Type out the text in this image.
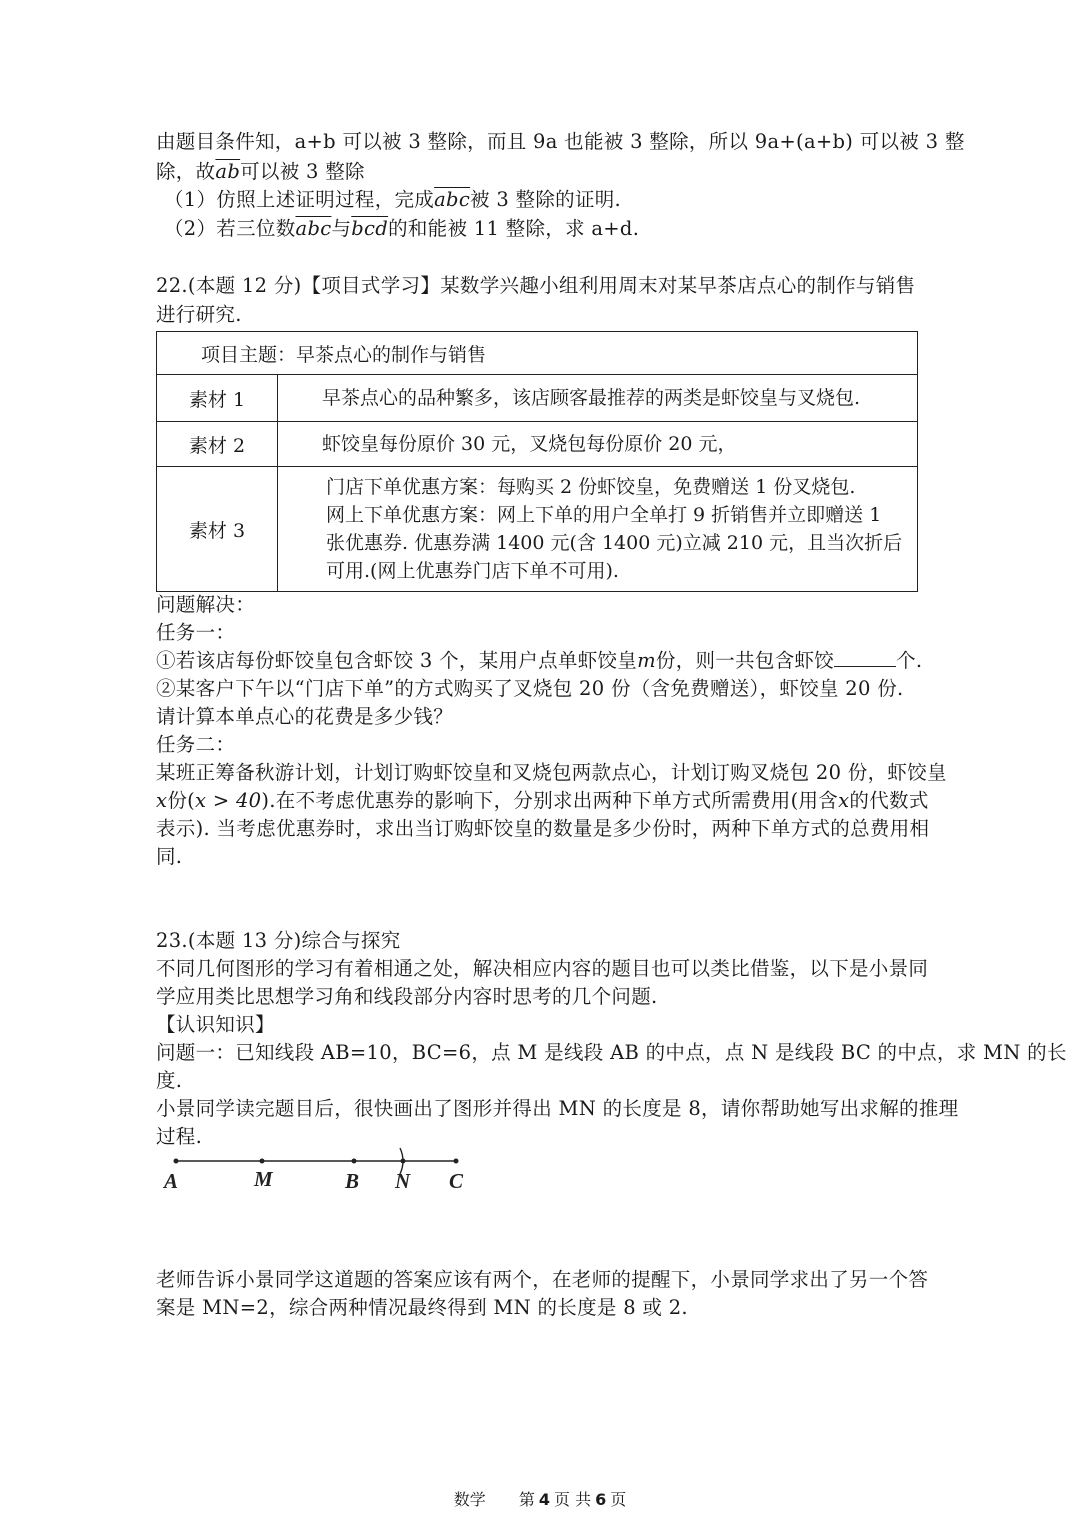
由题目条件知，a+b 可以被 3 整除，而且 9a 也能被 3 整除，所以 9a+(a+b) 可以被 3 整
除，故$\overline{ab}$可以被 3 整除
（1）仿照上述证明过程，完成$\overline{abc}$被 3 整除的证明.
（2）若三位数$\overline{abc}$与$\overline{bcd}$的和能被 11 整除，求 a+d.
22.(本题 12 分)【项目式学习】某数学兴趣小组利用周末对某早茶店点心的制作与销售
进行研究.
项目主题：早茶点心的制作与销售	
素材 1	早茶点心的品种繁多，该店顾客最推荐的两类是虾饺皇与叉烧包.
素材 2	虾饺皇每份原价 30 元，叉烧包每份原价 20 元，
素材 3	门店下单优惠方案：每购买 2 份虾饺皇，免费赠送 1 份叉烧包.
网上下单优惠方案：网上下单的用户全单打 9 折销售并立即赠送 1
张优惠券. 优惠券满 1400 元(含 1400 元)立减 210 元，且当次折后
可用.(网上优惠券门店下单不可用).
问题解决：
任务一：
①若该店每份虾饺皇包含虾饺 3 个，某用户点单虾饺皇m份，则一共包含虾饺	个.
②某客户下午以“门店下单”的方式购买了叉烧包 20 份（含免费赠送），虾饺皇 20 份.
请计算本单点心的花费是多少钱？
任务二：
某班正筹备秋游计划，计划订购虾饺皇和叉烧包两款点心，计划订购叉烧包 20 份，虾饺皇
x份(x > 40).在不考虑优惠券的影响下，分别求出两种下单方式所需费用(用含x的代数式
表示). 当考虑优惠券时，求出当订购虾饺皇的数量是多少份时，两种下单方式的总费用相
同.
23.(本题 13 分)综合与探究
不同几何图形的学习有着相通之处，解决相应内容的题目也可以类比借鉴，以下是小景同
学应用类比思想学习角和线段部分内容时思考的几个问题.
【认识知识】
问题一：已知线段 AB=10，BC=6，点 M 是线段 AB 的中点，点 N 是线段 BC 的中点，求 MN 的长
度.
小景同学读完题目后，很快画出了图形并得出 MN 的长度是 8，请你帮助她写出求解的推理
过程.
A	M	B N C
老师告诉小景同学这道题的答案应该有两个，在老师的提醒下，小景同学求出了另一个答
案是 MN=2，综合两种情况最终得到 MN 的长度是 8 或 2.
数学 第 4 页 共 6 页
